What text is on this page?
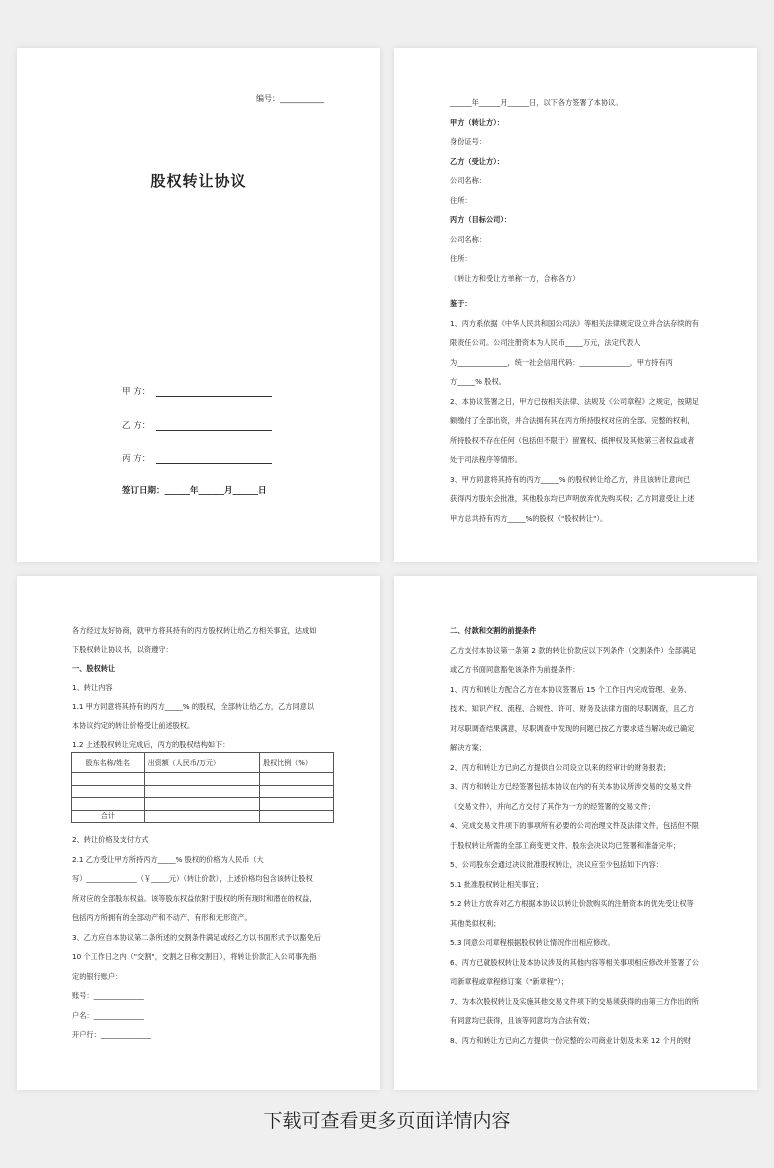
编号：___________
股权转让协议
甲 方：
乙 方：
丙 方：
签订日期：______年______月______日
______年______月______日，以下各方签署了本协议。
甲方（转让方）：
身份证号：
乙方（受让方）：
公司名称：
住所：
丙方（目标公司）：
公司名称：
住所：
（转让方和受让方单称一方，合称各方）
鉴于：
1、丙方系依据《中华人民共和国公司法》等相关法律规定设立并合法存续的有
限责任公司。公司注册资本为人民币_____万元，法定代表人
为______________，统一社会信用代码：______________，甲方持有丙
方_____% 股权。
2、本协议签署之日，甲方已按相关法律、法规及《公司章程》之规定，按期足
额缴付了全部出资，并合法拥有其在丙方所持股权对应的全部、完整的权利，
所持股权不存在任何（包括但不限于）留置权、抵押权及其他第三者权益或者
处于司法程序等情形。
3、甲方同意将其持有的丙方_____% 的股权转让给乙方，并且该转让意向已
获得丙方股东会批准，其他股东均已声明放弃优先购买权；乙方同意受让上述
甲方总共持有丙方_____%的股权（"股权转让"）。
各方经过友好协商，就甲方将其持有的丙方股权转让给乙方相关事宜，达成如
下股权转让协议书，以资遵守：
一、股权转让
1、转让内容
1.1 甲方同意将其持有的丙方_____% 的股权，全部转让给乙方，乙方同意以
本协议约定的转让价格受让前述股权。
1.2 上述股权转让完成后，丙方的股权结构如下：
股东名称/姓名	出资额（人民币/万元）	股权比例（%）

合计		
2、转让价格及支付方式
2.1 乙方受让甲方所持丙方_____% 股权的价格为人民币（大
写）______________（￥_____元）（转让价款），上述价格均包含该转让股权
所对应的全部股东权益。该等股东权益依附于股权的所有现时和潜在的权益，
包括丙方所拥有的全部动产和不动产、有形和无形资产。
3、乙方应自本协议第二条所述的交割条件满足或经乙方以书面形式予以豁免后
10 个工作日之内（"交割"，交割之日称交割日），将转让价款汇入公司事先指
定的银行账户：
账号：______________
户名：______________
开户行：______________
二、付款和交割的前提条件
乙方支付本协议第一条第 2 款的转让价款应以下列条件（交割条件）全部满足
或乙方书面同意豁免该条件为前提条件：
1、丙方和转让方配合乙方在本协议签署后 15 个工作日内完成管理、业务、
技术、知识产权、流程、合规性、许可、财务及法律方面的尽职调查，且乙方
对尽职调查结果满意，尽职调查中发现的问题已按乙方要求适当解决或已确定
解决方案；
2、丙方和转让方已向乙方提供自公司设立以来的经审计的财务报表；
3、丙方和转让方已经签署包括本协议在内的有关本协议所涉交易的交易文件
（交易文件），并向乙方交付了其作为一方的经签署的交易文件；
4、完成交易文件项下的事项所有必要的公司治理文件及法律文件，包括但不限
于股权转让所需的全部工商变更文件、股东会决议均已签署和准备完毕；
5、公司股东会通过决议批准股权转让，决议应至少包括如下内容：
5.1 批准股权转让相关事宜；
5.2 转让方放弃对乙方根据本协议以转让价款购买的注册资本的优先受让权等
其他类似权利；
5.3 同意公司章程根据股权转让情况作出相应修改。
6、丙方已就股权转让及本协议涉及的其他内容等相关事项相应修改并签署了公
司新章程或章程修订案（"新章程"）；
7、为本次股权转让及实施其他交易文件项下的交易须获得的由第三方作出的所
有同意均已获得，且该等同意均为合法有效；
8、丙方和转让方已向乙方提供一份完整的公司商业计划及未来 12 个月的财
下载可查看更多页面详情内容
